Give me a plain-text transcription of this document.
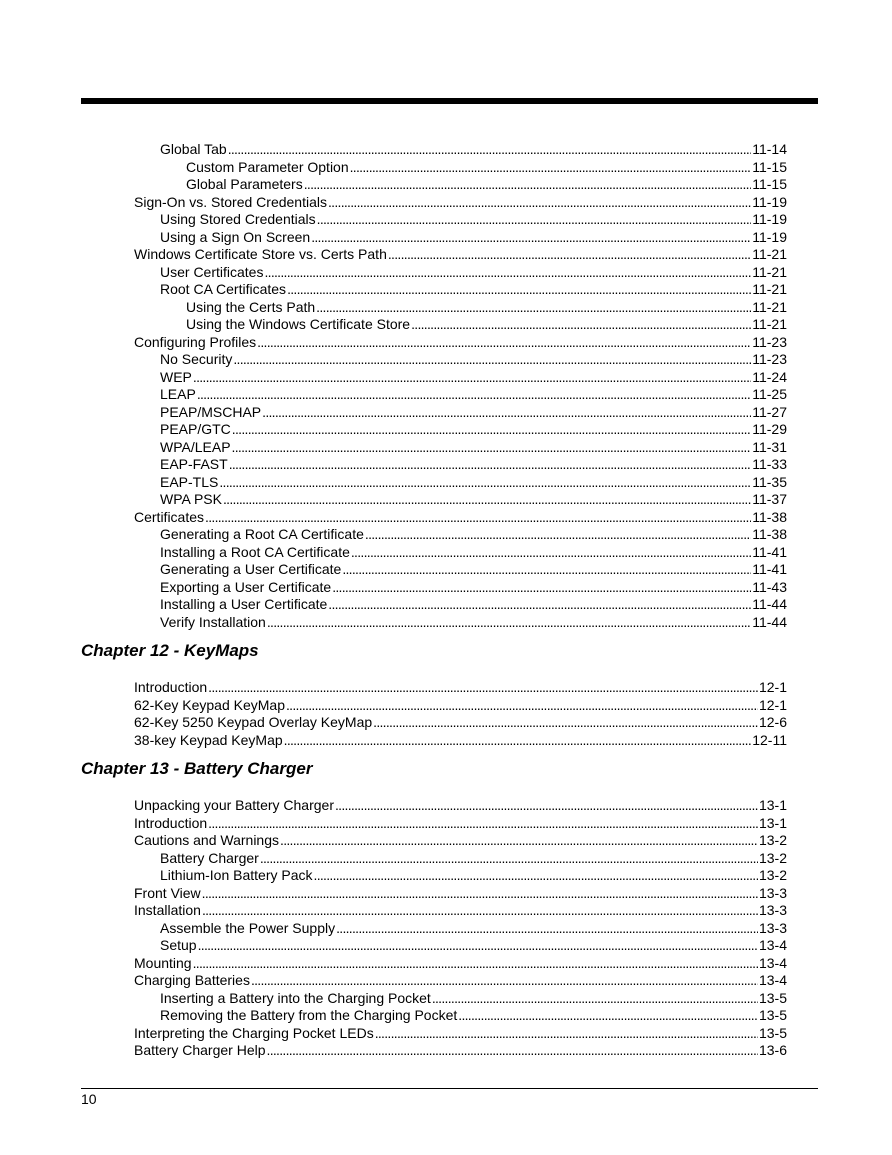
Global Tab . . .	11-14
Custom Parameter Option . . .	11-15
Global Parameters . . .	11-15
Sign-On vs. Stored Credentials . . .	11-19
Using Stored Credentials . . .	11-19
Using a Sign On Screen . . .	11-19
Windows Certificate Store vs. Certs Path . . .	11-21
User Certificates . . .	11-21
Root CA Certificates . . .	11-21
Using the Certs Path . . .	11-21
Using the Windows Certificate Store . . .	11-21
Configuring Profiles . . .	11-23
No Security . . .	11-23
WEP . . .	11-24
LEAP . . .	11-25
PEAP/MSCHAP . . .	11-27
PEAP/GTC . . .	11-29
WPA/LEAP . . .	11-31
EAP-FAST . . .	11-33
EAP-TLS . . .	11-35
WPA PSK . . .	11-37
Certificates . . .	11-38
Generating a Root CA Certificate . . .	11-38
Installing a Root CA Certificate . . .	11-41
Generating a User Certificate . . .	11-41
Exporting a User Certificate . . .	11-43
Installing a User Certificate . . .	11-44
Verify Installation . . .	11-44
Chapter 12 - KeyMaps
Introduction . . .	12-1
62-Key Keypad KeyMap . . .	12-1
62-Key 5250 Keypad Overlay KeyMap . . .	12-6
38-key Keypad KeyMap . . .	12-11
Chapter 13 - Battery Charger
Unpacking your Battery Charger . . .	13-1
Introduction . . .	13-1
Cautions and Warnings . . .	13-2
Battery Charger . . .	13-2
Lithium-Ion Battery Pack . . .	13-2
Front View . . .	13-3
Installation . . .	13-3
Assemble the Power Supply . . .	13-3
Setup . . .	13-4
Mounting . . .	13-4
Charging Batteries . . .	13-4
Inserting a Battery into the Charging Pocket . . .	13-5
Removing the Battery from the Charging Pocket . . .	13-5
Interpreting the Charging Pocket LEDs . . .	13-5
Battery Charger Help . . .	13-6
10
